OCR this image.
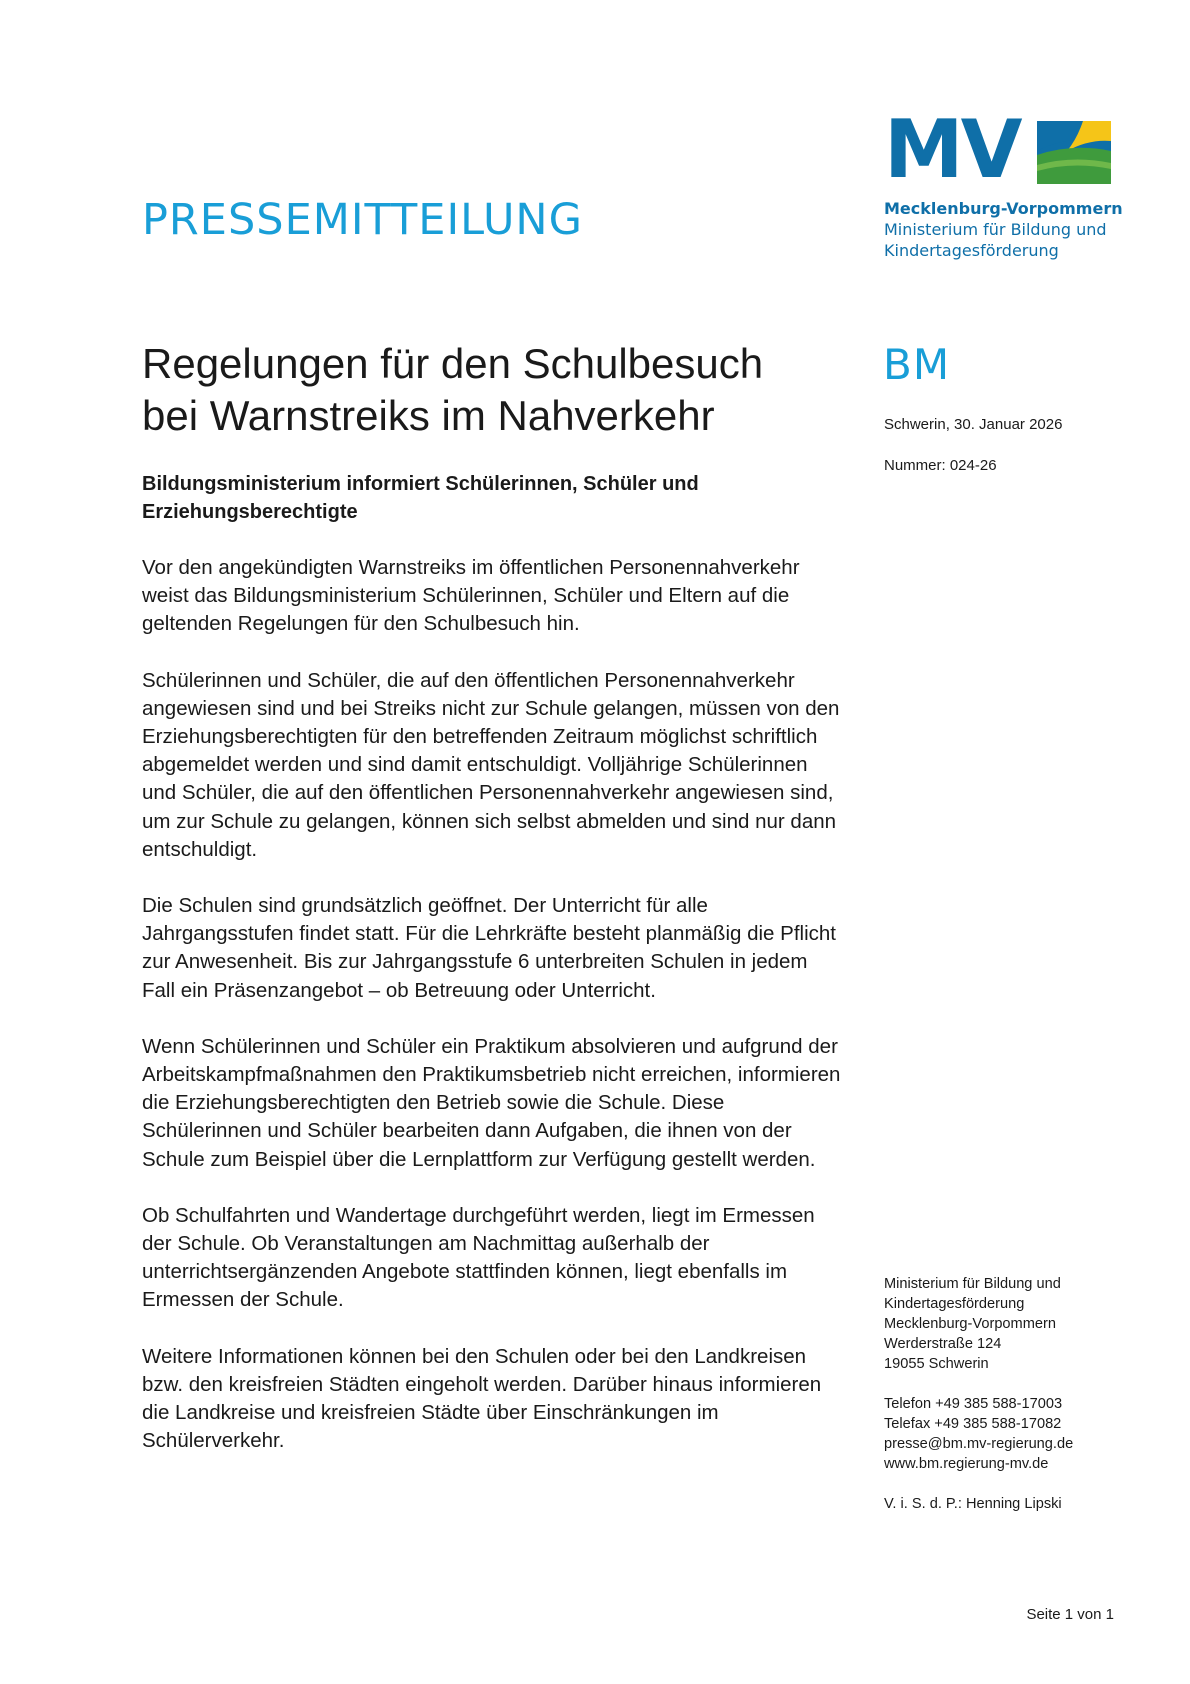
PRESSEMITTEILUNG
MV
Mecklenburg-Vorpommern
Ministerium für Bildung und
Kindertagesförderung
Regelungen für den Schulbesuch
bei Warnstreiks im Nahverkehr

Bildungsministerium informiert Schülerinnen, Schüler und Erziehungsberechtigte

Vor den angekündigten Warnstreiks im öffentlichen Personennahverkehr weist das Bildungsministerium Schülerinnen, Schüler und Eltern auf die geltenden Regelungen für den Schulbesuch hin.

Schülerinnen und Schüler, die auf den öffentlichen Personennahverkehr angewiesen sind und bei Streiks nicht zur Schule gelangen, müssen von den Erziehungsberechtigten für den betreffenden Zeitraum möglichst schriftlich abgemeldet werden und sind damit entschuldigt. Volljährige Schülerinnen und Schüler, die auf den öffentlichen Personennahverkehr angewiesen sind, um zur Schule zu gelangen, können sich selbst abmelden und sind nur dann entschuldigt.

Die Schulen sind grundsätzlich geöffnet. Der Unterricht für alle Jahrgangsstufen findet statt. Für die Lehrkräfte besteht planmäßig die Pflicht zur Anwesenheit. Bis zur Jahrgangsstufe 6 unterbreiten Schulen in jedem Fall ein Präsenzangebot – ob Betreuung oder Unterricht.

Wenn Schülerinnen und Schüler ein Praktikum absolvieren und aufgrund der Arbeitskampfmaßnahmen den Praktikumsbetrieb nicht erreichen, informieren die Erziehungsberechtigten den Betrieb sowie die Schule. Diese Schülerinnen und Schüler bearbeiten dann Aufgaben, die ihnen von der Schule zum Beispiel über die Lernplattform zur Verfügung gestellt werden.

Ob Schulfahrten und Wandertage durchgeführt werden, liegt im Ermessen der Schule. Ob Veranstaltungen am Nachmittag außerhalb der unterrichtsergänzenden Angebote stattfinden können, liegt ebenfalls im Ermessen der Schule.

Weitere Informationen können bei den Schulen oder bei den Landkreisen bzw. den kreisfreien Städten eingeholt werden. Darüber hinaus informieren die Landkreise und kreisfreien Städte über Einschränkungen im Schülerverkehr.

BM
Schwerin, 30. Januar 2026
Nummer: 024-26
Ministerium für Bildung und
Kindertagesförderung
Mecklenburg-Vorpommern
Werderstraße 124
19055 Schwerin
Telefon +49 385 588-17003
Telefax +49 385 588-17082
presse@bm.mv-regierung.de
www.bm.regierung-mv.de
V. i. S. d. P.: Henning Lipski
Seite 1 von 1
